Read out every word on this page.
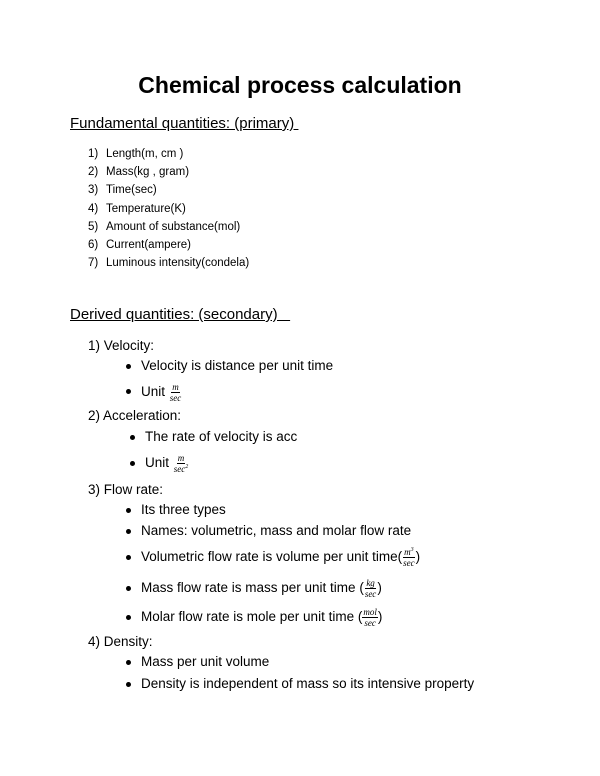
Chemical process calculation
Fundamental quantities: (primary)
1) Length(m, cm )
2) Mass(kg , gram)
3) Time(sec)
4) Temperature(K)
5) Amount of substance(mol)
6) Current(ampere)
7) Luminous intensity(condela)
Derived quantities: (secondary)
1) Velocity:
Velocity is distance per unit time
Unit $\frac{m}{\sec}$
2) Acceleration:
The rate of velocity is acc
Unit $\frac{m}{\sec^2}$
3) Flow rate:
Its three types
Names: volumetric, mass and molar flow rate
Volumetric flow rate is volume per unit time( $\frac{m^3}{\sec}$ )
Mass flow rate is mass per unit time ( $\frac{kg}{\sec}$ )
Molar flow rate is mole per unit time ( $\frac{\text{mol}}{\sec}$ )
4) Density:
Mass per unit volume
Density is independent of mass so its intensive property
